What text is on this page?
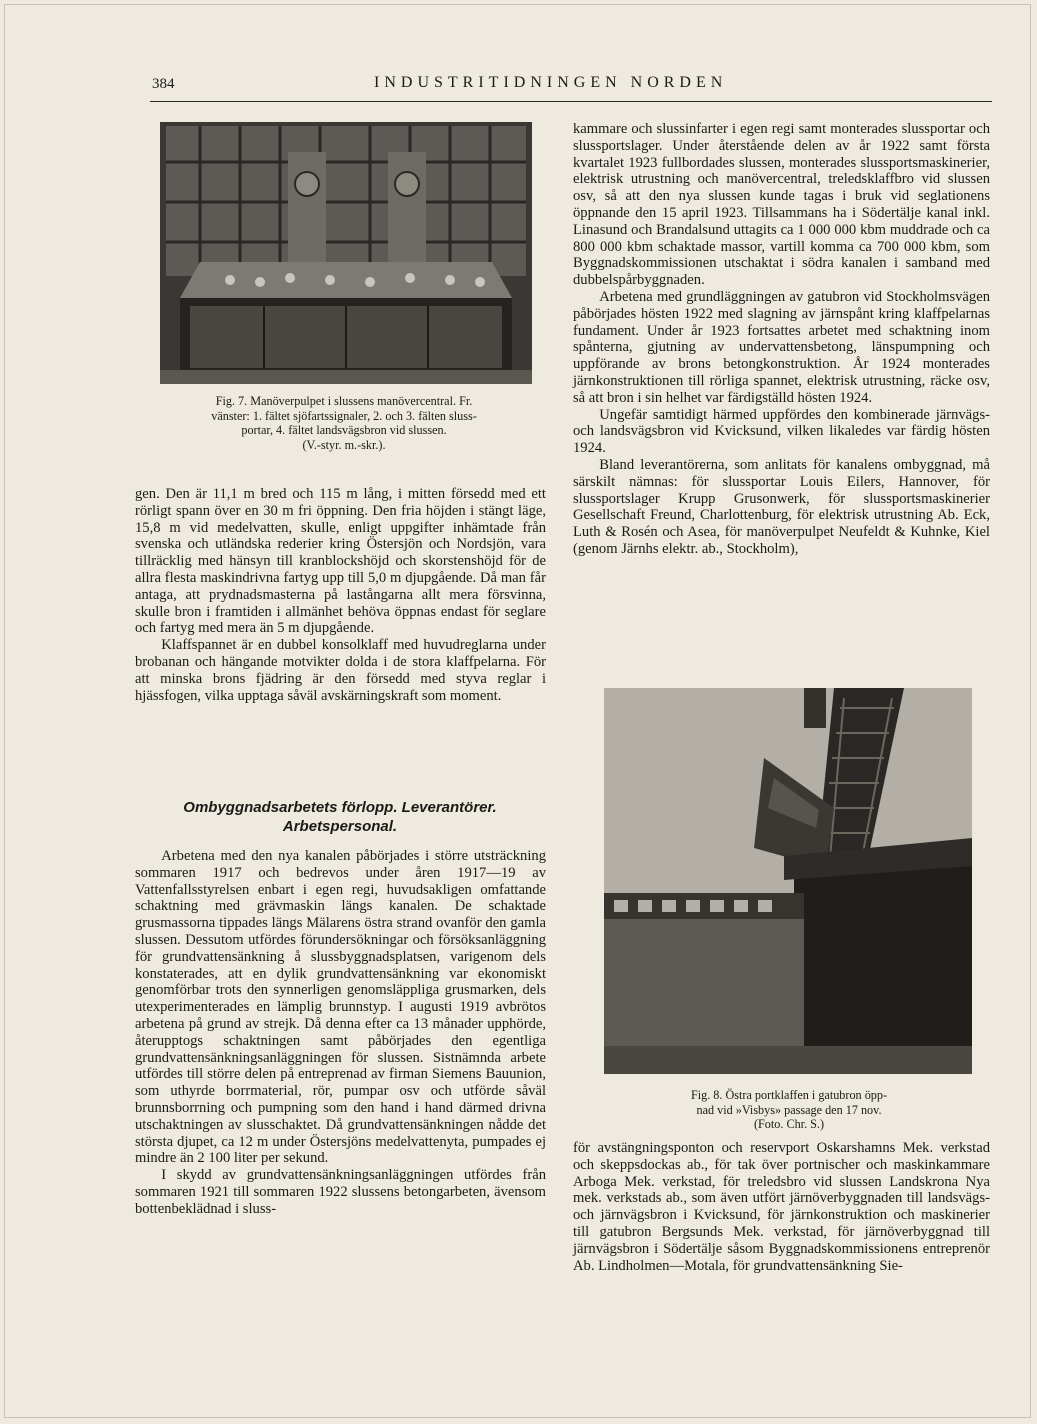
384	INDUSTRITIDNINGEN NORDEN
Fig. 7. Manöverpulpet i slussens manövercentral. Fr.
vänster: 1. fältet sjöfartssignaler, 2. och 3. fälten sluss-
portar, 4. fältet landsvägsbron vid slussen.
(V.-styr. m.-skr.).

gen. Den är 11,1 m bred och 115 m lång, i mitten försedd med ett rörligt spann över en 30 m fri öppning. Den fria höjden i stängt läge, 15,8 m vid medelvatten, skulle, enligt uppgifter inhämtade från svenska och utländska rederier kring Östersjön och Nordsjön, vara tillräcklig med hänsyn till kranblockshöjd och skorstenshöjd för de allra flesta maskindrivna fartyg upp till 5,0 m djupgående. Då man får antaga, att prydnadsmasterna på lastångarna allt mera försvinna, skulle bron i framtiden i allmänhet behöva öppnas endast för seglare och fartyg med mera än 5 m djupgående.

Klaffspannet är en dubbel konsolklaff med huvudreglarna under brobanan och hängande motvikter dolda i de stora klaffpelarna. För att minska brons fjädring är den försedd med styva reglar i hjässfogen, vilka upptaga såväl avskärningskraft som moment.

Ombyggnadsarbetets förlopp. Leverantörer.
Arbetspersonal.

Arbetena med den nya kanalen påbörjades i större utsträckning sommaren 1917 och bedrevos under åren 1917—19 av Vattenfallsstyrelsen enbart i egen regi, huvudsakligen omfattande schaktning med grävmaskin längs kanalen. De schaktade grusmassorna tippades längs Mälarens östra strand ovanför den gamla slussen. Dessutom utfördes förundersökningar och försöksanläggning för grundvattensänkning å slussbyggnadsplatsen, varigenom dels konstaterades, att en dylik grundvattensänkning var ekonomiskt genomförbar trots den synnerligen genomsläppliga grusmarken, dels utexperimenterades en lämplig brunnstyp. I augusti 1919 avbrötos arbetena på grund av strejk. Då denna efter ca 13 månader upphörde, återupptogs schaktningen samt påbörjades den egentliga grundvattensänkningsanläggningen för slussen. Sistnämnda arbete utfördes till större delen på entreprenad av firman Siemens Bauunion, som uthyrde borrmaterial, rör, pumpar osv och utförde såväl brunnsborrning och pumpning som den hand i hand därmed drivna utschaktningen av slusschaktet. Då grundvattensänkningen nådde det största djupet, ca 12 m under Östersjöns medelvattenyta, pumpades ej mindre än 2 100 liter per sekund.

I skydd av grundvattensänkningsanläggningen utfördes från sommaren 1921 till sommaren 1922 slussens betongarbeten, ävensom bottenbeklädnad i sluss-

kammare och slussinfarter i egen regi samt monterades slussportar och slussportslager. Under återstående delen av år 1922 samt första kvartalet 1923 fullbordades slussen, monterades slussportsmaskinerier, elektrisk utrustning och manövercentral, treledsklaffbro vid slussen osv, så att den nya slussen kunde tagas i bruk vid seglationens öppnande den 15 april 1923. Tillsammans ha i Södertälje kanal inkl. Linasund och Brandalsund uttagits ca 1 000 000 kbm muddrade och ca 800 000 kbm schaktade massor, vartill komma ca 700 000 kbm, som Byggnadskommissionen utschaktat i södra kanalen i samband med dubbelspårbyggnaden.

Arbetena med grundläggningen av gatubron vid Stockholmsvägen påbörjades hösten 1922 med slagning av järnspånt kring klaffpelarnas fundament. Under år 1923 fortsattes arbetet med schaktning inom spånterna, gjutning av undervattensbetong, länspumpning och uppförande av brons betongkonstruktion. År 1924 monterades järnkonstruktionen till rörliga spannet, elektrisk utrustning, räcke osv, så att bron i sin helhet var färdigställd hösten 1924.

Ungefär samtidigt härmed uppfördes den kombinerade järnvägs- och landsvägsbron vid Kvicksund, vilken likaledes var färdig hösten 1924.

Bland leverantörerna, som anlitats för kanalens ombyggnad, må särskilt nämnas: för slussportar Louis Eilers, Hannover, för slussportslager Krupp Grusonwerk, för slussportsmaskinerier Gesellschaft Freund, Charlottenburg, för elektrisk utrustning Ab. Eck, Luth & Rosén och Asea, för manöverpulpet Neufeldt & Kuhnke, Kiel (genom Järnhs elektr. ab., Stockholm),

Fig. 8. Östra portklaffen i gatubron öpp-
nad vid »Visbys» passage den 17 nov.
(Foto. Chr. S.)

för avstängningsponton och reservport Oskarshamns Mek. verkstad och skeppsdockas ab., för tak över portnischer och maskinkammare Arboga Mek. verkstad, för treledsbro vid slussen Landskrona Nya mek. verkstads ab., som även utfört järnöverbyggnaden till landsvägs- och järnvägsbron i Kvicksund, för järnkonstruktion och maskinerier till gatubron Bergsunds Mek. verkstad, för järnöverbyggnad till järnvägsbron i Södertälje såsom Byggnadskommissionens entreprenör Ab. Lindholmen—Motala, för grundvattensänkning Sie-
